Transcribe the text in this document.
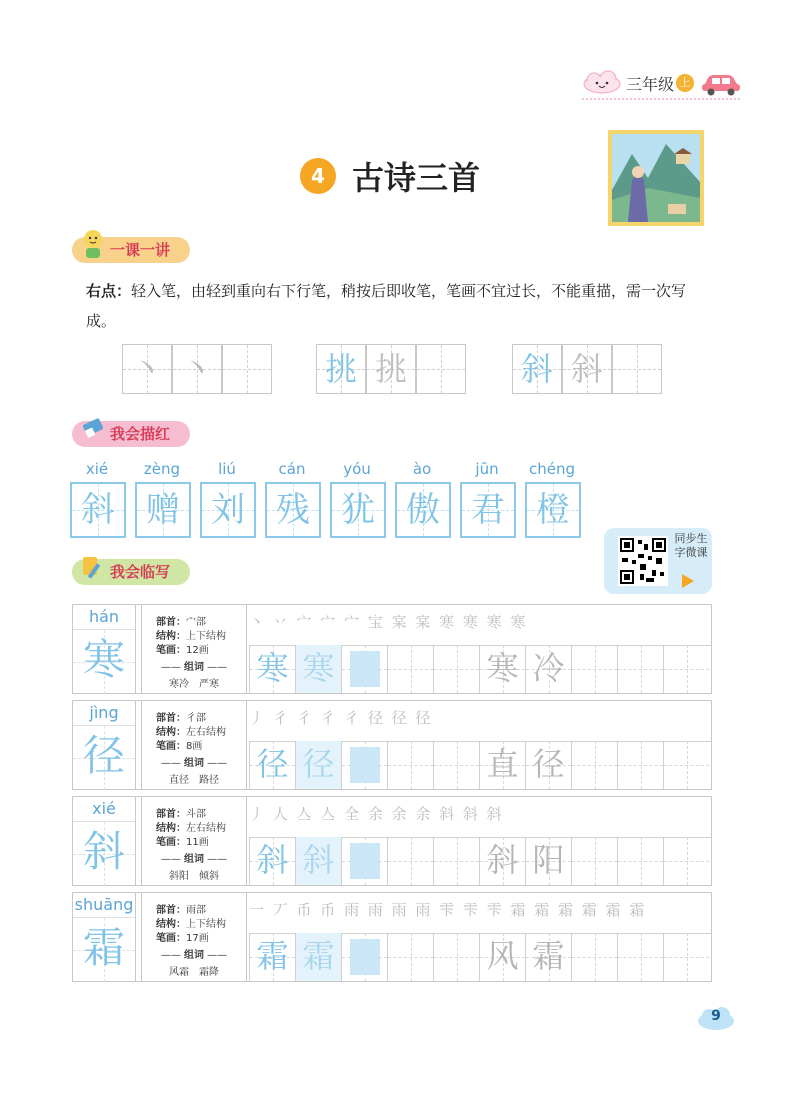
三年级 上
4 古诗三首
一课一讲
右点：轻入笔，由轻到重向右下行笔，稍按后即收笔，笔画不宜过长，不能重描，需一次写成。
丶 丶	挑 挑	斜 斜
我会描红
xié	zèng	liú	cán	yóu	ào	jūn	chéng
斜 赠 刘 残 犹 傲 君 橙
同步生字微课
我会临写
hán
寒
部首：宀部
结构：上下结构
笔画：12画
—— 组词 ——
寒冷　严寒
丶 丷 宀 宀 宀 宝 宲 宲 寒 寒 寒 寒
寒 寒	寒 冷
jìng
径
部首：彳部
结构：左右结构
笔画：8画
—— 组词 ——
直径　路径
丿 彳 彳 彳 彳 径 径 径
径 径	直 径
xié
斜
部首：斗部
结构：左右结构
笔画：11画
—— 组词 ——
斜阳　倾斜
丿 人 亼 亼 全 余 余 余 斜 斜 斜
斜 斜	斜 阳
shuāng
霜
部首：雨部
结构：上下结构
笔画：17画
—— 组词 ——
风霜　霜降
一 丆 币 币 雨 雨 雨 雨 雫 雫 雫 霜 霜 霜 霜 霜 霜
霜 霜	风 霜
9
